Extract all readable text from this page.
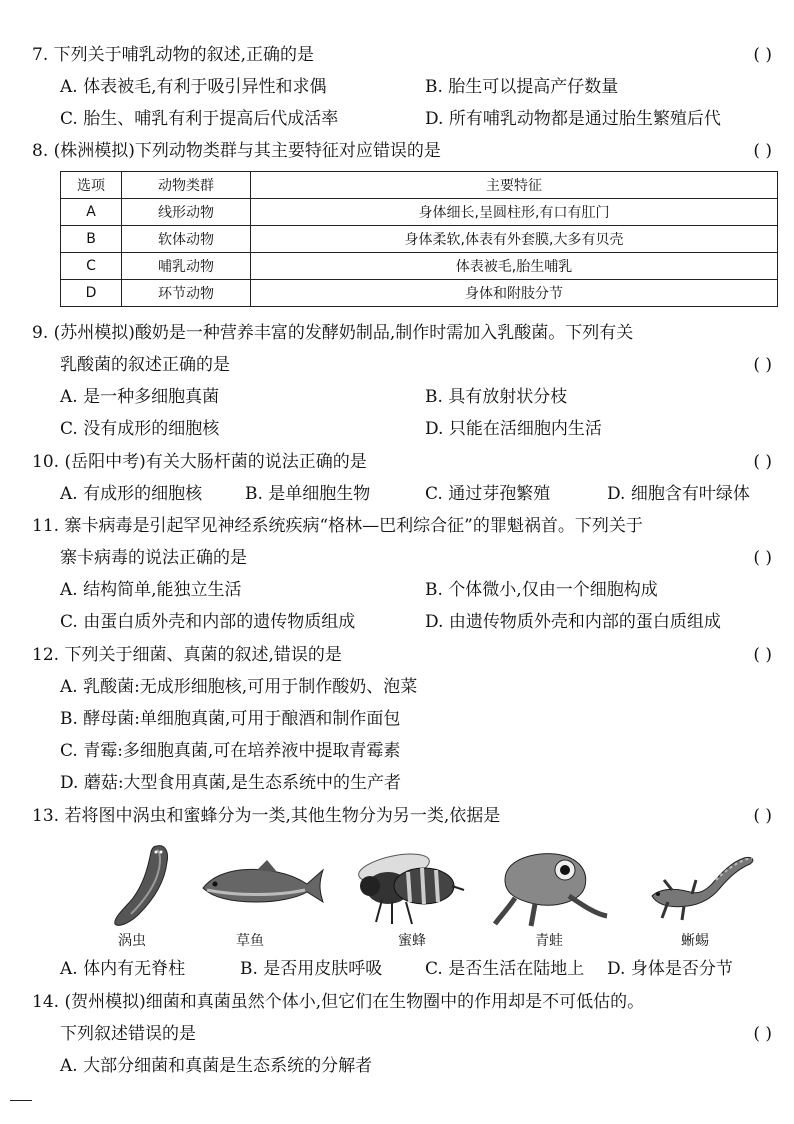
7. 下列关于哺乳动物的叙述,正确的是	( )
A. 体表被毛,有利于吸引异性和求偶	B. 胎生可以提高产仔数量
C. 胎生、哺乳有利于提高后代成活率	D. 所有哺乳动物都是通过胎生繁殖后代
8. (株洲模拟)下列动物类群与其主要特征对应错误的是	( )
选项	动物类群	主要特征
A	线形动物	身体细长,呈圆柱形,有口有肛门
B	软体动物	身体柔软,体表有外套膜,大多有贝壳
C	哺乳动物	体表被毛,胎生哺乳
D	环节动物	身体和附肢分节
9. (苏州模拟)酸奶是一种营养丰富的发酵奶制品,制作时需加入乳酸菌。下列有关
乳酸菌的叙述正确的是	( )
A. 是一种多细胞真菌	B. 具有放射状分枝
C. 没有成形的细胞核	D. 只能在活细胞内生活
10. (岳阳中考)有关大肠杆菌的说法正确的是	( )
A. 有成形的细胞核	B. 是单细胞生物	C. 通过芽孢繁殖	D. 细胞含有叶绿体
11. 寨卡病毒是引起罕见神经系统疾病“格林—巴利综合征”的罪魁祸首。下列关于
寨卡病毒的说法正确的是	( )
A. 结构简单,能独立生活	B. 个体微小,仅由一个细胞构成
C. 由蛋白质外壳和内部的遗传物质组成	D. 由遗传物质外壳和内部的蛋白质组成
12. 下列关于细菌、真菌的叙述,错误的是	( )
A. 乳酸菌:无成形细胞核,可用于制作酸奶、泡菜
B. 酵母菌:单细胞真菌,可用于酿酒和制作面包
C. 青霉:多细胞真菌,可在培养液中提取青霉素
D. 蘑菇:大型食用真菌,是生态系统中的生产者
13. 若将图中涡虫和蜜蜂分为一类,其他生物分为另一类,依据是	( )
涡虫	草鱼	蜜蜂	青蛙	蜥蜴
A. 体内有无脊柱	B. 是否用皮肤呼吸	C. 是否生活在陆地上 D. 身体是否分节
14. (贺州模拟)细菌和真菌虽然个体小,但它们在生物圈中的作用却是不可低估的。
下列叙述错误的是	( )
A. 大部分细菌和真菌是生态系统的分解者
